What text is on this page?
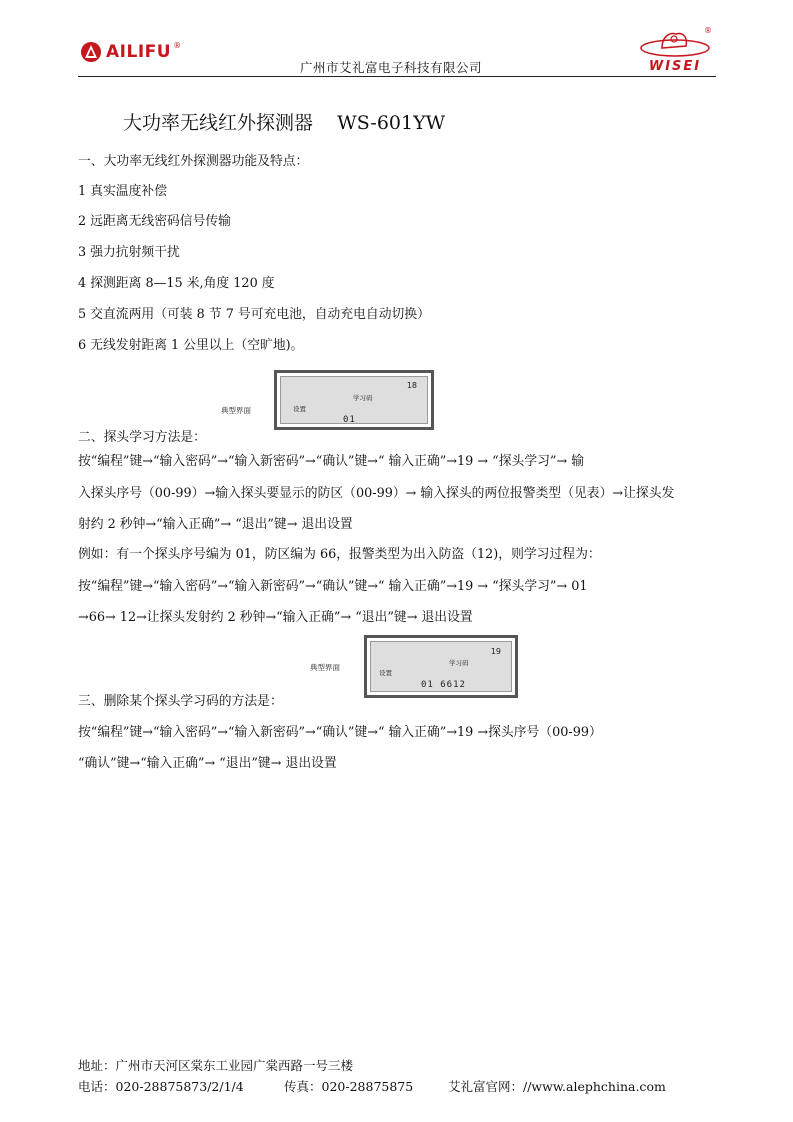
AILIFU ®
广州市艾礼富电子科技有限公司
®
WISEI
大功率无线红外探测器    WS-601YW
一、大功率无线红外探测器功能及特点：
1 真实温度补偿
2 远距离无线密码信号传输
3 强力抗射频干扰
4 探测距离 8—15 米,角度 120 度
5 交直流两用（可装 8 节 7 号可充电池，自动充电自动切换）
6 无线发射距离 1 公里以上（空旷地)。
典型界面
18
学习码
设置
01
二、探头学习方法是：
按“编程”键→“输入密码”→“输入新密码”→“确认”键→“ 输入正确”→19 → “探头学习”→ 输
入探头序号（00-99）→输入探头要显示的防区（00-99）→ 输入探头的两位报警类型（见表）→让探头发
射约 2 秒钟→“输入正确”→ “退出”键→ 退出设置
例如：有一个探头序号编为 01，防区编为 66，报警类型为出入防盗（12)，则学习过程为：
按“编程”键→“输入密码”→“输入新密码”→“确认”键→“ 输入正确”→19 → “探头学习”→ 01
→66→ 12→让探头发射约 2 秒钟→“输入正确”→ “退出”键→ 退出设置
典型界面
19
学习码
设置
01 6612
三、删除某个探头学习码的方法是：
按“编程”键→“输入密码”→“输入新密码”→“确认”键→“ 输入正确”→19 →探头序号（00-99）
“确认”键→“输入正确”→ “退出”键→ 退出设置
地址：广州市天河区棠东工业园广棠西路一号三楼
电话：020-28875873/2/1/4	传真：020-28875875	艾礼富官网：//www.alephchina.com
